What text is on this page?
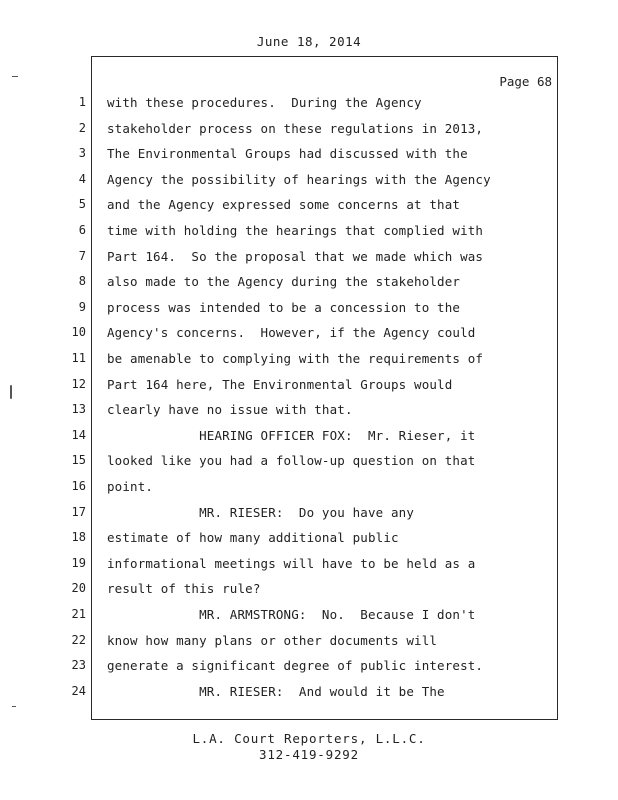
June 18, 2014
Page 68
1 with these procedures.  During the Agency
2 stakeholder process on these regulations in 2013,
3 The Environmental Groups had discussed with the
4 Agency the possibility of hearings with the Agency
5 and the Agency expressed some concerns at that
6 time with holding the hearings that complied with
7 Part 164.  So the proposal that we made which was
8 also made to the Agency during the stakeholder
9 process was intended to be a concession to the
10 Agency's concerns.  However, if the Agency could
11 be amenable to complying with the requirements of
12 Part 164 here, The Environmental Groups would
13 clearly have no issue with that.
14 HEARING OFFICER FOX:  Mr. Rieser, it
15 looked like you had a follow-up question on that
16 point.
17 MR. RIESER:  Do you have any
18 estimate of how many additional public
19 informational meetings will have to be held as a
20 result of this rule?
21 MR. ARMSTRONG:  No.  Because I don't
22 know how many plans or other documents will
23 generate a significant degree of public interest.
24 MR. RIESER:  And would it be The
L.A. Court Reporters, L.L.C.
312-419-9292
